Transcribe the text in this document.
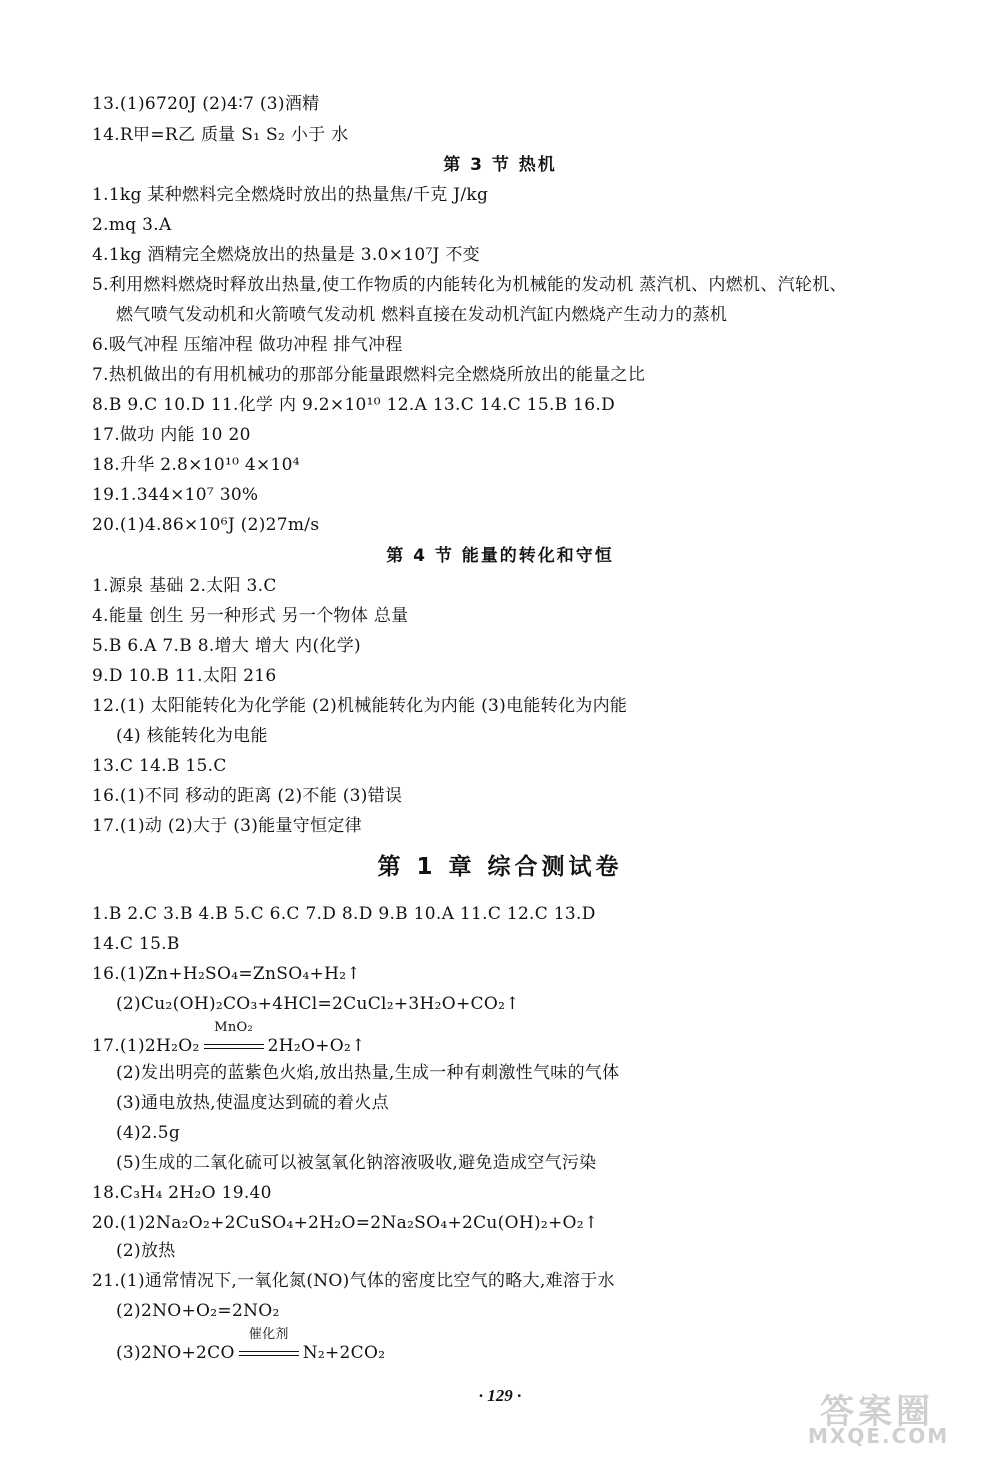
13.(1)6720J (2)4∶7 (3)酒精
14.R甲=R乙 质量 S₁ S₂ 小于 水
第 3 节 热机
1.1kg 某种燃料完全燃烧时放出的热量焦/千克 J/kg
2.mq 3.A
4.1kg 酒精完全燃烧放出的热量是 3.0×10⁷J 不变
5.利用燃料燃烧时释放出热量,使工作物质的内能转化为机械能的发动机 蒸汽机、内燃机、汽轮机、
燃气喷气发动机和火箭喷气发动机 燃料直接在发动机汽缸内燃烧产生动力的蒸机
6.吸气冲程 压缩冲程 做功冲程 排气冲程
7.热机做出的有用机械功的那部分能量跟燃料完全燃烧所放出的能量之比
8.B 9.C 10.D 11.化学 内 9.2×10¹⁰ 12.A 13.C 14.C 15.B 16.D
17.做功 内能 10 20
18.升华 2.8×10¹⁰ 4×10⁴
19.1.344×10⁷ 30%
20.(1)4.86×10⁶J (2)27m/s
第 4 节 能量的转化和守恒
1.源泉 基础 2.太阳 3.C
4.能量 创生 另一种形式 另一个物体 总量
5.B 6.A 7.B 8.增大 增大 内(化学)
9.D 10.B 11.太阳 216
12.(1) 太阳能转化为化学能 (2)机械能转化为内能 (3)电能转化为内能
(4) 核能转化为电能
13.C 14.B 15.C
16.(1)不同 移动的距离 (2)不能 (3)错误
17.(1)动 (2)大于 (3)能量守恒定律
第 1 章 综合测试卷
1.B 2.C 3.B 4.B 5.C 6.C 7.D 8.D 9.B 10.A 11.C 12.C 13.D
14.C 15.B
16.(1)Zn+H₂SO₄=ZnSO₄+H₂↑
(2)Cu₂(OH)₂CO₃+4HCl=2CuCl₂+3H₂O+CO₂↑
17.(1)2H₂O₂
MnO₂
2H₂O+O₂↑
(2)发出明亮的蓝紫色火焰,放出热量,生成一种有刺激性气味的气体
(3)通电放热,使温度达到硫的着火点
(4)2.5g
(5)生成的二氧化硫可以被氢氧化钠溶液吸收,避免造成空气污染
18.C₃H₄ 2H₂O 19.40
20.(1)2Na₂O₂+2CuSO₄+2H₂O=2Na₂SO₄+2Cu(OH)₂+O₂↑
(2)放热
21.(1)通常情况下,一氧化氮(NO)气体的密度比空气的略大,难溶于水
(2)2NO+O₂=2NO₂
(3)2NO+2CO
催化剂
N₂+2CO₂
· 129 ·	答案圈
MXQE.COM
